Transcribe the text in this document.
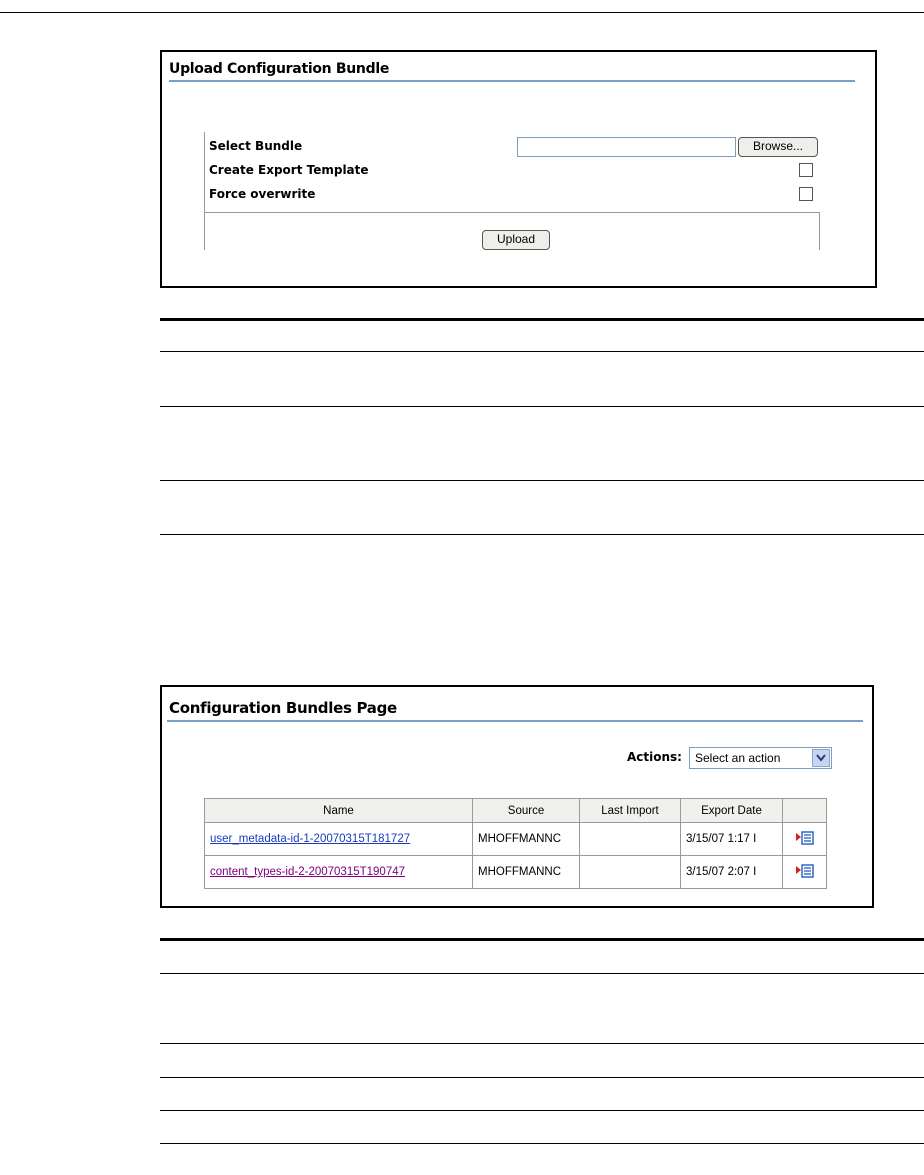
Upload Configuration Bundle
Select Bundle	Browse...
Create Export Template
Force overwrite
Upload
Configuration Bundles Page
Actions: Select an action
Name	Source	Last Import	Export Date	
user_metadata-id-1-20070315T181727	MHOFFMANNC		3/15/07 1:17 I	
content_types-id-2-20070315T190747	MHOFFMANNC		3/15/07 2:07 I	
